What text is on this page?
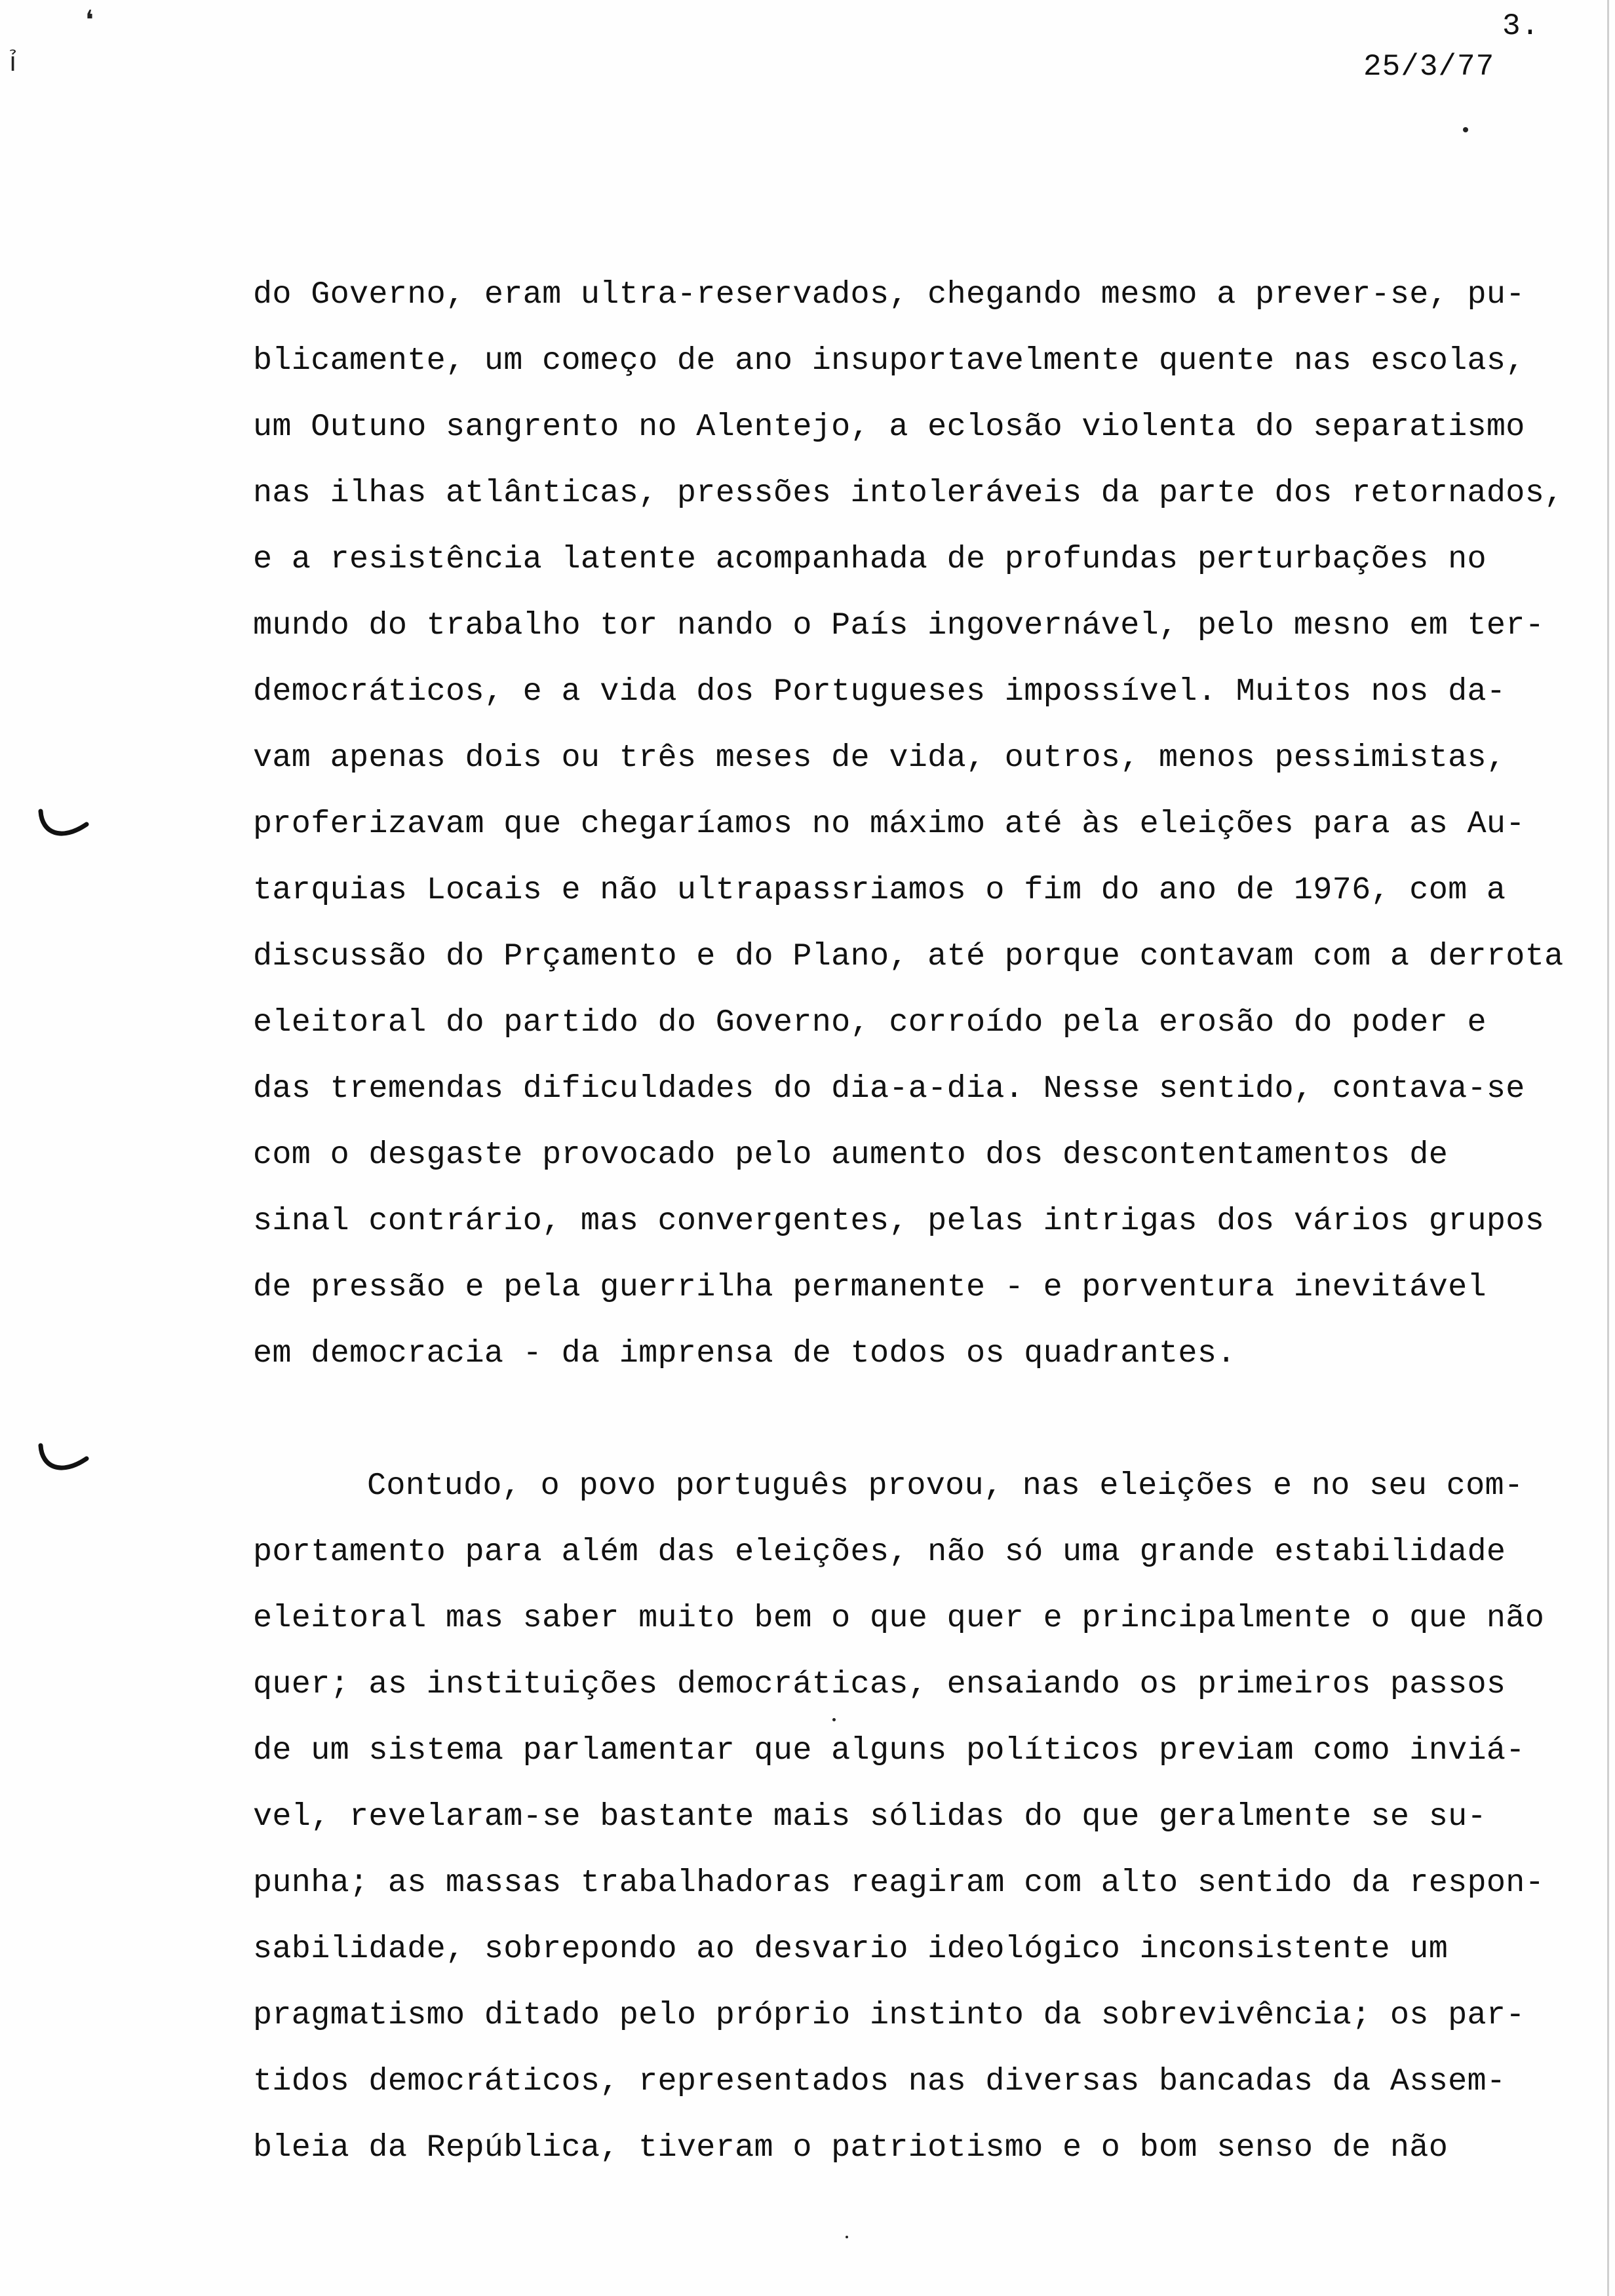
❛
ỉ
3.
25/3/77
do Governo, eram ultra-reservados, chegando mesmo a prever-se, pu-
blicamente, um começo de ano insuportavelmente quente nas escolas,
um Outuno sangrento no Alentejo, a eclosão violenta do separatismo
nas ilhas atlânticas, pressões intoleráveis da parte dos retornados,
e a resistência latente acompanhada de profundas perturbações no
mundo do trabalho tor nando o País ingovernável, pelo mesno em ter-
democráticos, e a vida dos Portugueses impossível. Muitos nos da-
vam apenas dois ou três meses de vida, outros, menos pessimistas,
proferizavam que chegaríamos no máximo até às eleições para as Au-
tarquias Locais e não ultrapassriamos o fim do ano de 1976, com a
discussão do Prçamento e do Plano, até porque contavam com a derrota
eleitoral do partido do Governo, corroído pela erosão do poder e
das tremendas dificuldades do dia-a-dia. Nesse sentido, contava-se
com o desgaste provocado pelo aumento dos descontentamentos de
sinal contrário, mas convergentes, pelas intrigas dos vários grupos
de pressão e pela guerrilha permanente - e porventura inevitável
em democracia - da imprensa de todos os quadrantes.
Contudo, o povo português provou, nas eleições e no seu com-
portamento para além das eleições, não só uma grande estabilidade
eleitoral mas saber muito bem o que quer e principalmente o que não
quer; as instituições democráticas, ensaiando os primeiros passos
de um sistema parlamentar que alguns políticos previam como inviá-
vel, revelaram-se bastante mais sólidas do que geralmente se su-
punha; as massas trabalhadoras reagiram com alto sentido da respon-
sabilidade, sobrepondo ao desvario ideológico inconsistente um
pragmatismo ditado pelo próprio instinto da sobrevivência; os par-
tidos democráticos, representados nas diversas bancadas da Assem-
bleia da República, tiveram o patriotismo e o bom senso de não
